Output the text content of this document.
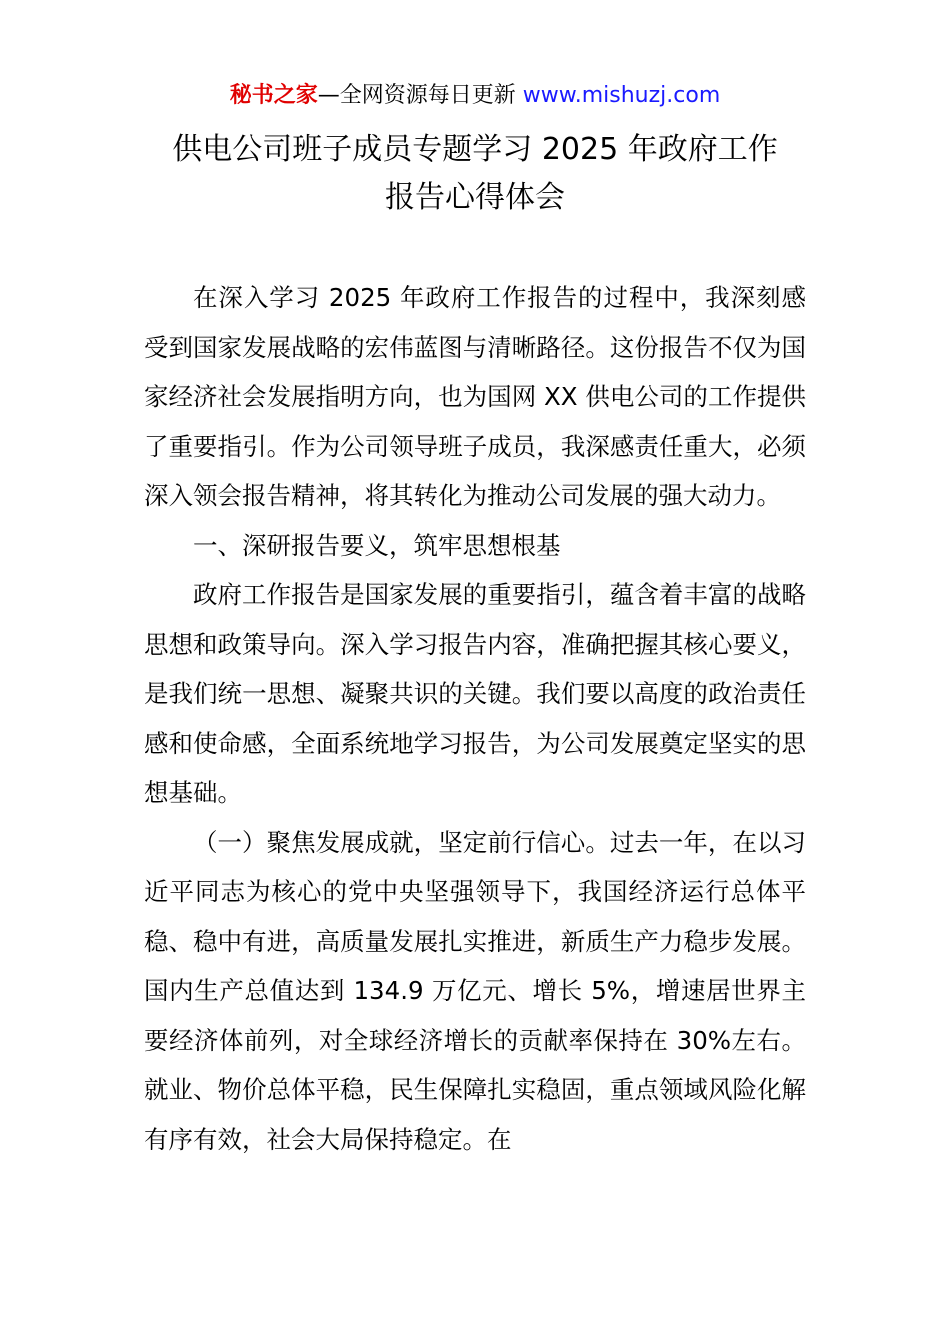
秘书之家—全网资源每日更新 www.mishuzj.com
供电公司班子成员专题学习 2025 年政府工作
报告心得体会

在深入学习 2025 年政府工作报告的过程中，我深刻感受到国家发展战略的宏伟蓝图与清晰路径。这份报告不仅为国家经济社会发展指明方向，也为国网 XX 供电公司的工作提供了重要指引。作为公司领导班子成员，我深感责任重大，必须深入领会报告精神，将其转化为推动公司发展的强大动力。

一、深研报告要义，筑牢思想根基

政府工作报告是国家发展的重要指引，蕴含着丰富的战略思想和政策导向。深入学习报告内容，准确把握其核心要义，是我们统一思想、凝聚共识的关键。我们要以高度的政治责任感和使命感，全面系统地学习报告，为公司发展奠定坚实的思想基础。

（一）聚焦发展成就，坚定前行信心。过去一年，在以习近平同志为核心的党中央坚强领导下，我国经济运行总体平稳、稳中有进，高质量发展扎实推进，新质生产力稳步发展。国内生产总值达到 134.9 万亿元、增长 5%，增速居世界主要经济体前列，对全球经济增长的贡献率保持在 30%左右。就业、物价总体平稳，民生保障扎实稳固，重点领域风险化解有序有效，社会大局保持稳定。在
